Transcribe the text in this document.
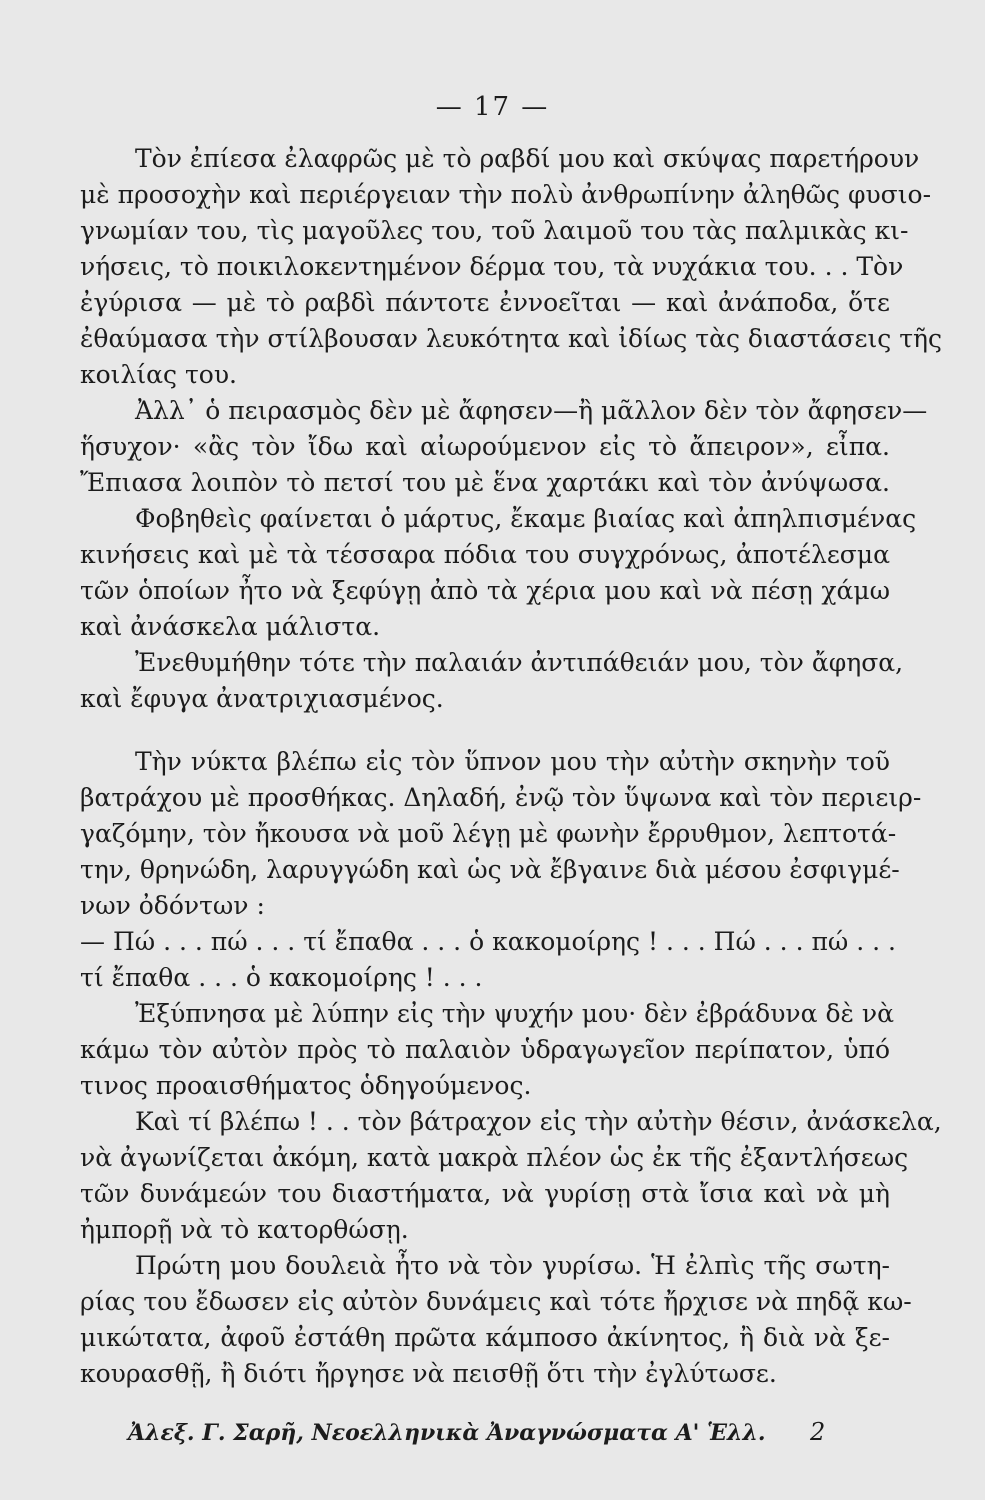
— 17 —
Τὸν ἐπίεσα ἐλαφρῶς μὲ τὸ ραβδί μου καὶ σκύψας παρετήρουν
μὲ προσοχὴν καὶ περιέργειαν τὴν πολὺ ἀνθρωπίνην ἀληθῶς φυσιο-
γνωμίαν του, τὶς μαγοῦλες του, τοῦ λαιμοῦ του τὰς παλμικὰς κι-
νήσεις, τὸ ποικιλοκεντημένον δέρμα του, τὰ νυχάκια του. . . Τὸν
ἐγύρισα — μὲ τὸ ραβδὶ πάντοτε ἐννοεῖται — καὶ ἀνάποδα, ὅτε
ἐθαύμασα τὴν στίλβουσαν λευκότητα καὶ ἰδίως τὰς διαστάσεις τῆς
κοιλίας του.
Ἀλλ᾽ ὁ πειρασμὸς δὲν μὲ ἄφησεν—ἢ μᾶλλον δὲν τὸν ἄφησεν—
ἥσυχον· «ἂς τὸν ἴδω καὶ αἰωρούμενον εἰς τὸ ἄπειρον», εἶπα.
Ἔπιασα λοιπὸν τὸ πετσί του μὲ ἕνα χαρτάκι καὶ τὸν ἀνύψωσα.
Φοβηθεὶς φαίνεται ὁ μάρτυς, ἔκαμε βιαίας καὶ ἀπηλπισμένας
κινήσεις καὶ μὲ τὰ τέσσαρα πόδια του συγχρόνως, ἀποτέλεσμα
τῶν ὁποίων ἦτο νὰ ξεφύγῃ ἀπὸ τὰ χέρια μου καὶ νὰ πέσῃ χάμω
καὶ ἀνάσκελα μάλιστα.
Ἐνεθυμήθην τότε τὴν παλαιάν ἀντιπάθειάν μου, τὸν ἄφησα,
καὶ ἔφυγα ἀνατριχιασμένος.
Τὴν νύκτα βλέπω εἰς τὸν ὕπνον μου τὴν αὐτὴν σκηνὴν τοῦ
βατράχου μὲ προσθήκας. Δηλαδή, ἐνῷ τὸν ὕψωνα καὶ τὸν περιειρ-
γαζόμην, τὸν ἤκουσα νὰ μοῦ λέγῃ μὲ φωνὴν ἔρρυθμον, λεπτοτά-
την, θρηνώδη, λαρυγγώδη καὶ ὡς νὰ ἔβγαινε διὰ μέσου ἐσφιγμέ-
νων ὀδόντων :
— Πώ . . . πώ . . . τί ἔπαθα . . . ὁ κακομοίρης ! . . . Πώ . . . πώ . . .
τί ἔπαθα . . . ὁ κακομοίρης ! . . .
Ἐξύπνησα μὲ λύπην εἰς τὴν ψυχήν μου· δὲν ἐβράδυνα δὲ νὰ
κάμω τὸν αὐτὸν πρὸς τὸ παλαιὸν ὑδραγωγεῖον περίπατον, ὑπό
τινος προαισθήματος ὁδηγούμενος.
Καὶ τί βλέπω ! . . τὸν βάτραχον εἰς τὴν αὐτὴν θέσιν, ἀνάσκελα,
νὰ ἀγωνίζεται ἀκόμη, κατὰ μακρὰ πλέον ὡς ἐκ τῆς ἐξαντλήσεως
τῶν δυνάμεών του διαστήματα, νὰ γυρίσῃ στὰ ἴσια καὶ νὰ μὴ
ἠμπορῇ νὰ τὸ κατορθώσῃ.
Πρώτη μου δουλειὰ ἦτο νὰ τὸν γυρίσω. Ἡ ἐλπὶς τῆς σωτη-
ρίας του ἔδωσεν εἰς αὐτὸν δυνάμεις καὶ τότε ἤρχισε νὰ πηδᾷ κω-
μικώτατα, ἀφοῦ ἐστάθη πρῶτα κάμποσο ἀκίνητος, ἢ διὰ νὰ ξε-
κουρασθῇ, ἢ διότι ἤργησε νὰ πεισθῇ ὅτι τὴν ἐγλύτωσε.
Ἀλεξ. Γ. Σαρῆ, Νεοελληνικὰ Ἀναγνώσματα Α' Ἑλλ.	2
